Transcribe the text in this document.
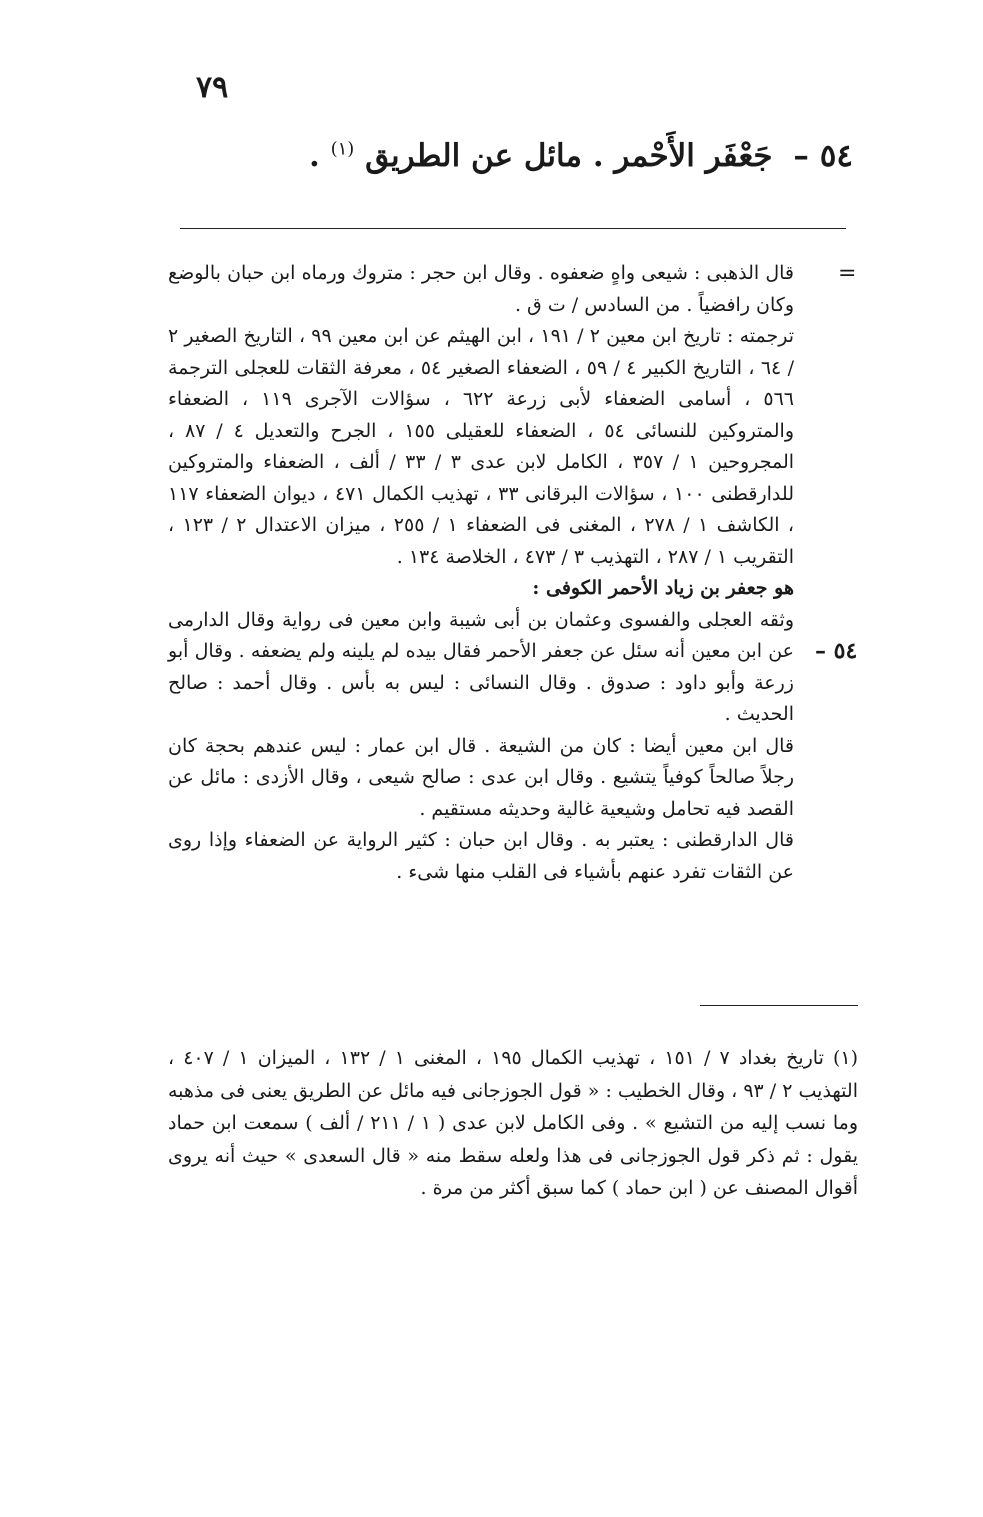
٧٩
٥٤ – جَعْفَر الأَحْمر . مائل عن الطريق $^{(١)}$ .
=

قال الذهبى : شيعى واهٍ ضعفوه . وقال ابن حجر : متروك ورماه ابن حبان بالوضع وكان رافضياً . من السادس / ت ق .

ترجمته : تاريخ ابن معين ٢ / ١٩١ ، ابن الهيثم عن ابن معين ٩٩ ، التاريخ الصغير ٢ / ٦٤ ، التاريخ الكبير ٤ / ٥٩ ، الضعفاء الصغير ٥٤ ، معرفة الثقات للعجلى الترجمة ٥٦٦ ، أسامى الضعفاء لأبى زرعة ٦٢٢ ، سؤالات الآجرى ١١٩ ، الضعفاء والمتروكين للنسائى ٥٤ ، الضعفاء للعقيلى ١٥٥ ، الجرح والتعديل ٤ / ٨٧ ، المجروحين ١ / ٣٥٧ ، الكامل لابن عدى ٣ / ٣٣ / ألف ، الضعفاء والمتروكين للدارقطنى ١٠٠ ، سؤالات البرقانى ٣٣ ، تهذيب الكمال ٤٧١ ، ديوان الضعفاء ١١٧ ، الكاشف ١ / ٢٧٨ ، المغنى فى الضعفاء ١ / ٢٥٥ ، ميزان الاعتدال ٢ / ١٢٣ ، التقريب ١ / ٢٨٧ ، التهذيب ٣ / ٤٧٣ ، الخلاصة ١٣٤ .

هو جعفر بن زياد الأحمر الكوفى :

وثقه العجلى والفسوى وعثمان بن أبى شيبة وابن معين فى رواية وقال الدارمى عن ابن معين أنه سئل عن جعفر الأحمر فقال بيده لم يلينه ولم يضعفه . وقال أبو زرعة وأبو داود : صدوق . وقال النسائى : ليس به بأس . وقال أحمد : صالح الحديث .

قال ابن معين أيضا : كان من الشيعة . قال ابن عمار : ليس عندهم بحجة كان رجلاً صالحاً كوفياً يتشيع . وقال ابن عدى : صالح شيعى ، وقال الأزدى : مائل عن القصد فيه تحامل وشيعية غالية وحديثه مستقيم .

قال الدارقطنى : يعتبر به . وقال ابن حبان : كثير الرواية عن الضعفاء وإذا روى عن الثقات تفرد عنهم بأشياء فى القلب منها شىء .

٥٤ –

(١) تاريخ بغداد ٧ / ١٥١ ، تهذيب الكمال ١٩٥ ، المغنى ١ / ١٣٢ ، الميزان ١ / ٤٠٧ ، التهذيب ٢ / ٩٣ ، وقال الخطيب : « قول الجوزجانى فيه مائل عن الطريق يعنى فى مذهبه وما نسب إليه من التشيع » . وفى الكامل لابن عدى ( ١ / ٢١١ / ألف ) سمعت ابن حماد يقول : ثم ذكر قول الجوزجانى فى هذا ولعله سقط منه « قال السعدى » حيث أنه يروى أقوال المصنف عن ( ابن حماد ) كما سبق أكثر من مرة .
